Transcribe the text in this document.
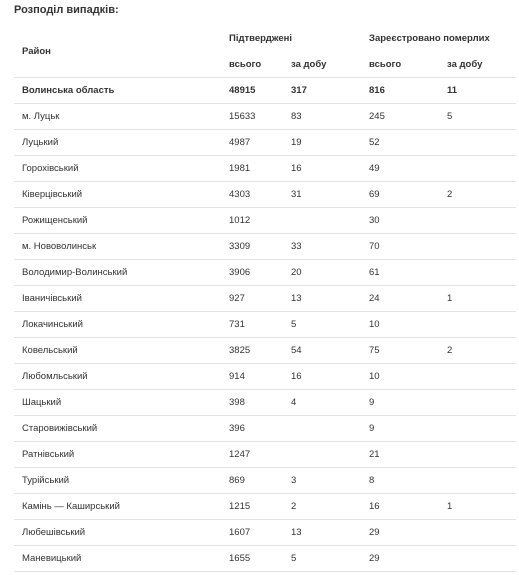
Розподіл випадків:
Район	Підтверджені		Зареєстровано померлих	
	всього	за добу	всього	за добу
Волинська область	48915	317	816	11
м. Луцьк	15633	83	245	5
Луцький	4987	19	52	
Горохівський	1981	16	49	
Ківерцівський	4303	31	69	2
Рожищенський	1012		30	
м. Нововолинськ	3309	33	70	
Володимир-Волинський	3906	20	61	
Іваничівський	927	13	24	1
Локачинський	731	5	10	
Ковельський	3825	54	75	2
Любомльський	914	16	10	
Шацький	398	4	9	
Старовижівський	396		9	
Ратнівський	1247		21	
Турійський	869	3	8	
Камінь — Каширський	1215	2	16	1
Любешівський	1607	13	29	
Маневицький	1655	5	29	
